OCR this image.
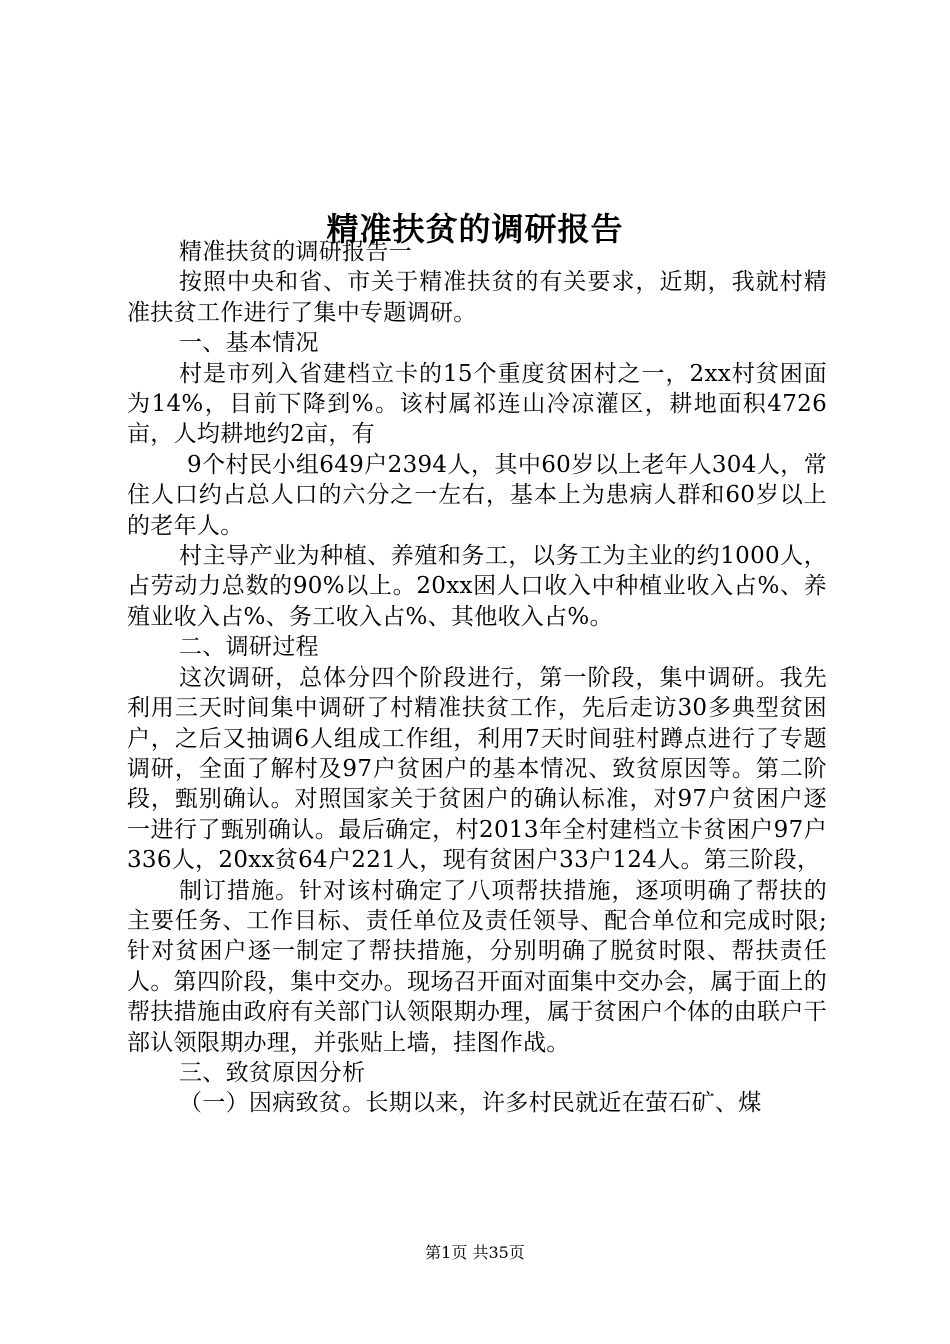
精准扶贫的调研报告

精准扶贫的调研报告一

按照中央和省、市关于精准扶贫的有关要求，近期，我就村精准扶贫工作进行了集中专题调研。

一、基本情况

村是市列入省建档立卡的15个重度贫困村之一，2xx村贫困面为14%，目前下降到%。该村属祁连山冷凉灌区，耕地面积4726亩，人均耕地约2亩，有

9个村民小组649户2394人，其中60岁以上老年人304人，常住人口约占总人口的六分之一左右，基本上为患病人群和60岁以上的老年人。

村主导产业为种植、养殖和务工，以务工为主业的约1000人，占劳动力总数的90%以上。20xx困人口收入中种植业收入占%、养殖业收入占%、务工收入占%、其他收入占%。

二、调研过程

这次调研，总体分四个阶段进行，第一阶段，集中调研。我先利用三天时间集中调研了村精准扶贫工作，先后走访30多典型贫困户，之后又抽调6人组成工作组，利用7天时间驻村蹲点进行了专题调研，全面了解村及97户贫困户的基本情况、致贫原因等。第二阶段，甄别确认。对照国家关于贫困户的确认标准，对97户贫困户逐一进行了甄别确认。最后确定，村2013年全村建档立卡贫困户97户336人，20xx贫64户221人，现有贫困户33户124人。第三阶段，

制订措施。针对该村确定了八项帮扶措施，逐项明确了帮扶的主要任务、工作目标、责任单位及责任领导、配合单位和完成时限;针对贫困户逐一制定了帮扶措施，分别明确了脱贫时限、帮扶责任人。第四阶段，集中交办。现场召开面对面集中交办会，属于面上的帮扶措施由政府有关部门认领限期办理，属于贫困户个体的由联户干部认领限期办理，并张贴上墙，挂图作战。

三、致贫原因分析

（一）因病致贫。长期以来，许多村民就近在萤石矿、煤

第1页 共35页
